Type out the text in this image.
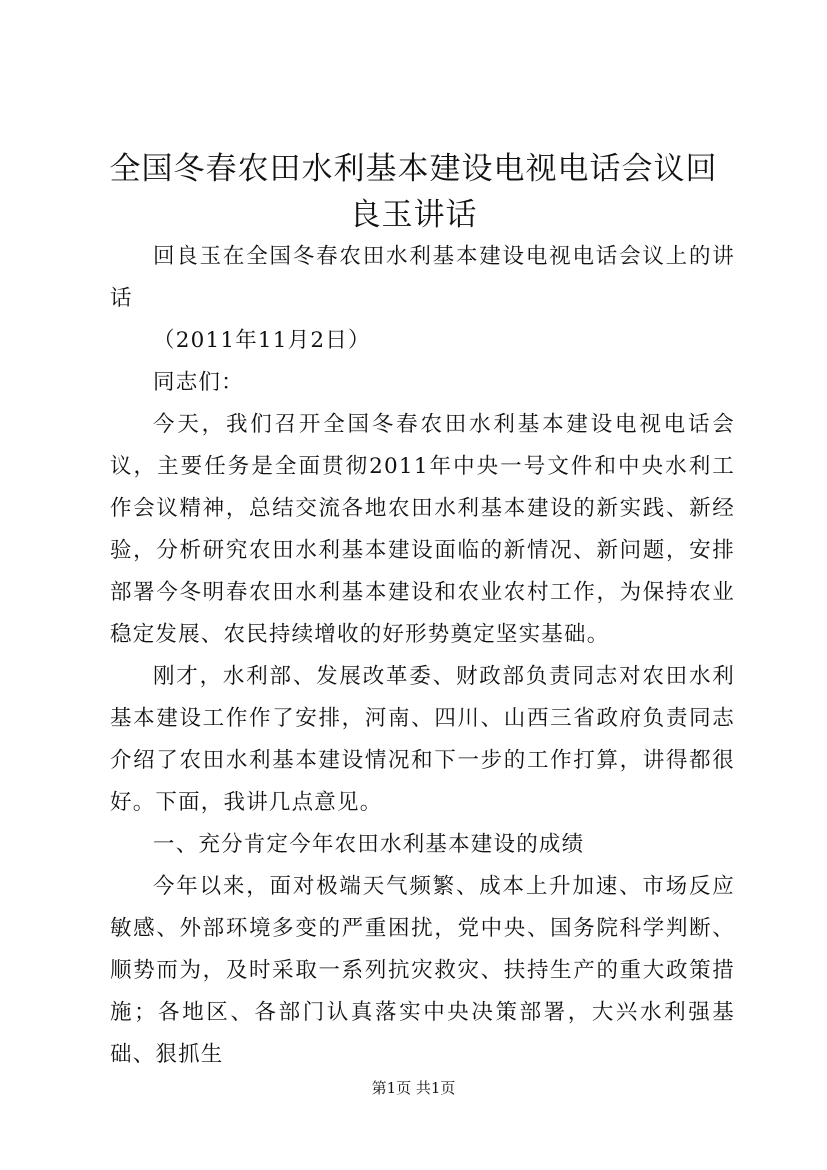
全国冬春农田水利基本建设电视电话会议回良玉讲话

回良玉在全国冬春农田水利基本建设电视电话会议上的讲话

（2011年11月2日）

同志们：

今天，我们召开全国冬春农田水利基本建设电视电话会议，主要任务是全面贯彻2011年中央一号文件和中央水利工作会议精神，总结交流各地农田水利基本建设的新实践、新经验，分析研究农田水利基本建设面临的新情况、新问题，安排部署今冬明春农田水利基本建设和农业农村工作，为保持农业稳定发展、农民持续增收的好形势奠定坚实基础。

刚才，水利部、发展改革委、财政部负责同志对农田水利基本建设工作作了安排，河南、四川、山西三省政府负责同志介绍了农田水利基本建设情况和下一步的工作打算，讲得都很好。下面，我讲几点意见。

一、充分肯定今年农田水利基本建设的成绩

今年以来，面对极端天气频繁、成本上升加速、市场反应敏感、外部环境多变的严重困扰，党中央、国务院科学判断、顺势而为，及时采取一系列抗灾救灾、扶持生产的重大政策措施；各地区、各部门认真落实中央决策部署，大兴水利强基础、狠抓生

第1页 共1页
